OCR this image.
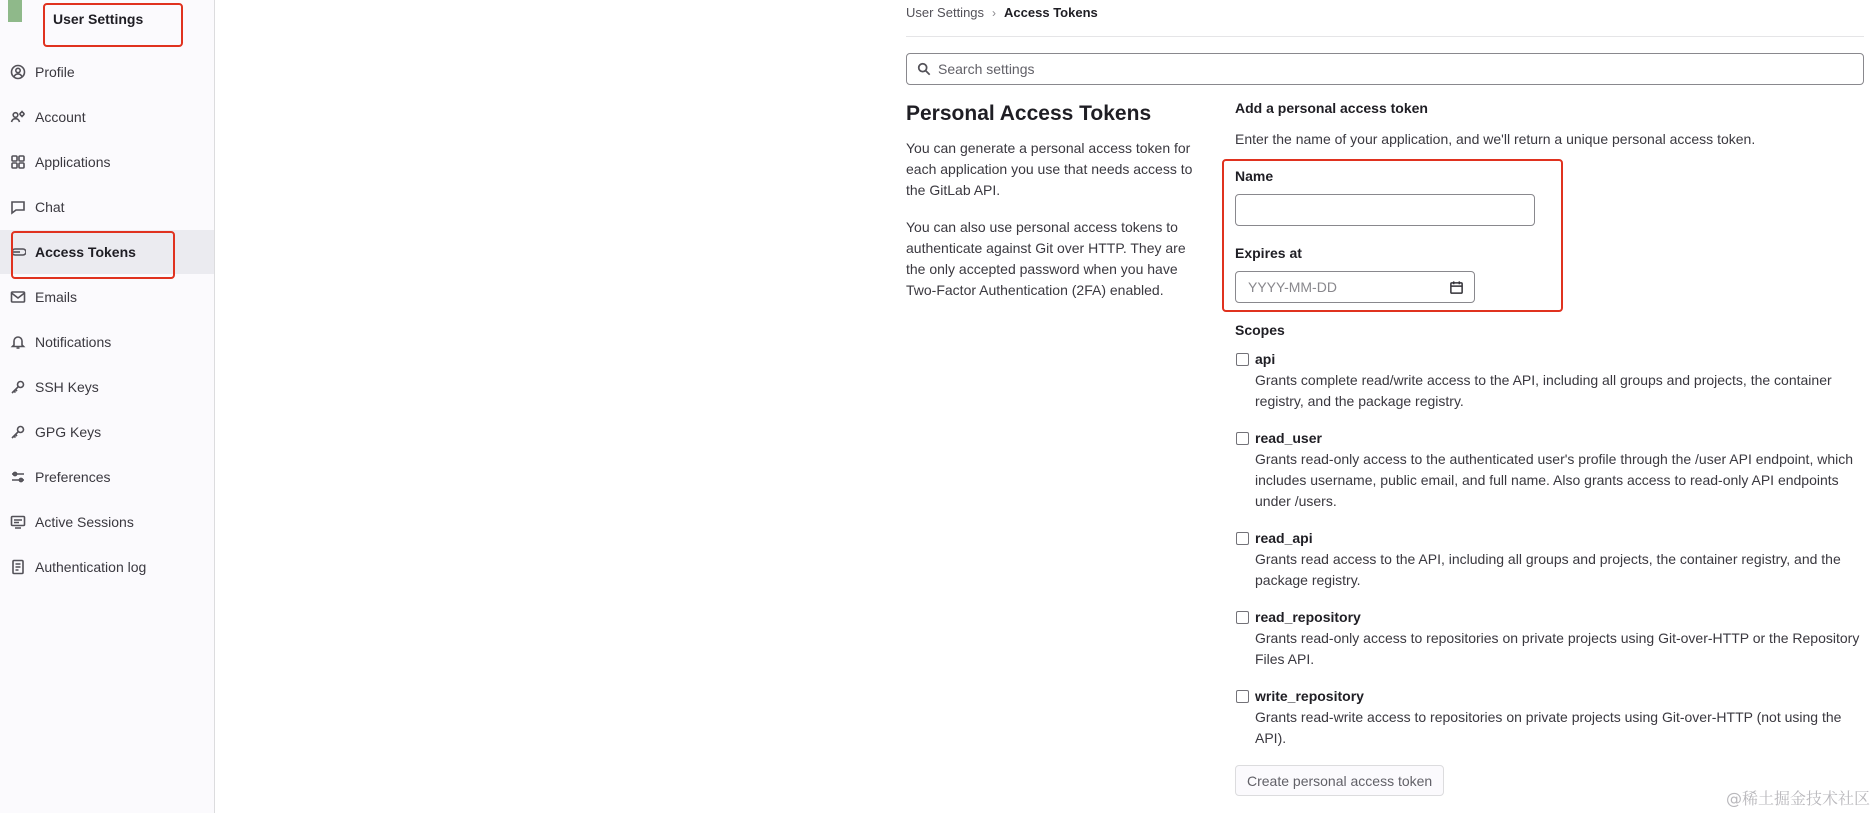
User Settings
Profile
Account
Applications
Chat
Access Tokens
Emails
Notifications
SSH Keys
GPG Keys
Preferences
Active Sessions
Authentication log
User Settings › Access Tokens
Search settings
Personal Access Tokens

You can generate a personal access token for each application you use that needs access to the GitLab API.

You can also use personal access tokens to authenticate against Git over HTTP. They are the only accepted password when you have Two-Factor Authentication (2FA) enabled.

Add a personal access token
Enter the name of your application, and we'll return a unique personal access token.
Name
Expires at
YYYY-MM-DD
Scopes
api
Grants complete read/write access to the API, including all groups and projects, the container registry, and the package registry.
read_user
Grants read-only access to the authenticated user's profile through the /user API endpoint, which includes username, public email, and full name. Also grants access to read-only API endpoints under /users.
read_api
Grants read access to the API, including all groups and projects, the container registry, and the package registry.
read_repository
Grants read-only access to repositories on private projects using Git-over-HTTP or the Repository Files API.
write_repository
Grants read-write access to repositories on private projects using Git-over-HTTP (not using the API).
Create personal access token
@稀土掘金技术社区
